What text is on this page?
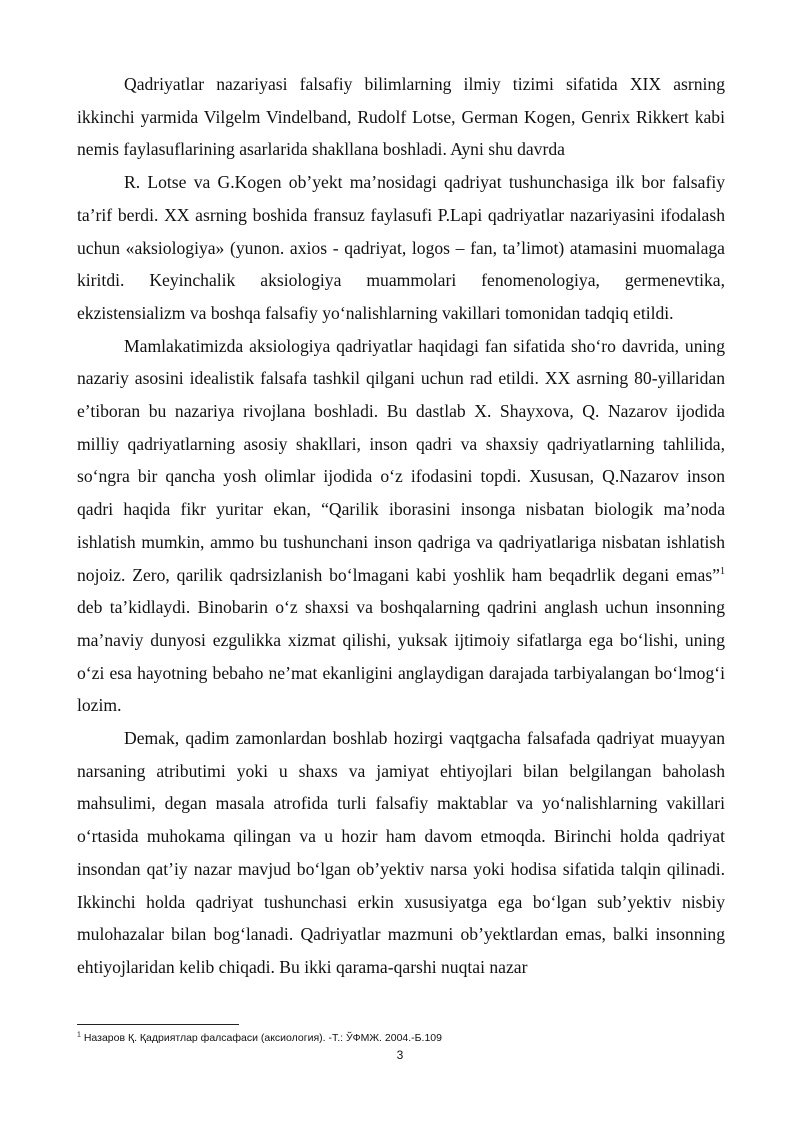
Qadriyatlar nazariyasi falsafiy bilimlarning ilmiy tizimi sifatida XIX asrning ikkinchi yarmida Vilgelm Vindelband, Rudolf Lotse, German Kogen, Genrix Rikkert kabi nemis faylasuflarining asarlarida shakllana boshladi. Ayni shu davrda

R. Lotse va G.Kogen ob’yekt ma’nosidagi qadriyat tushunchasiga ilk bor falsafiy ta’rif berdi. XX asrning boshida fransuz faylasufi P.Lapi qadriyatlar nazariyasini ifodalash uchun «aksiologiya» (yunon. axios - qadriyat, logos – fan, ta’limot) atamasini muomalaga kiritdi. Keyinchalik aksiologiya muammolari fenomenologiya, germenevtika, ekzistensializm va boshqa falsafiy yo‘nalishlarning vakillari tomonidan tadqiq etildi.

Mamlakatimizda aksiologiya qadriyatlar haqidagi fan sifatida sho‘ro davrida, uning nazariy asosini idealistik falsafa tashkil qilgani uchun rad etildi. XX asrning 80-yillaridan e’tiboran bu nazariya rivojlana boshladi. Bu dastlab X. Shayxova, Q. Nazarov ijodida milliy qadriyatlarning asosiy shakllari, inson qadri va shaxsiy qadriyatlarning tahlilida, so‘ngra bir qancha yosh olimlar ijodida o‘z ifodasini topdi. Xususan, Q.Nazarov inson qadri haqida fikr yuritar ekan, “Qarilik iborasini insonga nisbatan biologik ma’noda ishlatish mumkin, ammo bu tushunchani inson qadriga va qadriyatlariga nisbatan ishlatish nojoiz. Zero, qarilik qadrsizlanish bo‘lmagani kabi yoshlik ham beqadrlik degani emas”$^1$ deb ta’kidlaydi. Binobarin o‘z shaxsi va boshqalarning qadrini anglash uchun insonning ma’naviy dunyosi ezgulikka xizmat qilishi, yuksak ijtimoiy sifatlarga ega bo‘lishi, uning o‘zi esa hayotning bebaho ne’mat ekanligini anglaydigan darajada tarbiyalangan bo‘lmog‘i lozim.

Demak, qadim zamonlardan boshlab hozirgi vaqtgacha falsafada qadriyat muayyan narsaning atributimi yoki u shaxs va jamiyat ehtiyojlari bilan belgilangan baholash mahsulimi, degan masala atrofida turli falsafiy maktablar va yo‘nalishlarning vakillari o‘rtasida muhokama qilingan va u hozir ham davom etmoqda. Birinchi holda qadriyat insondan qat’iy nazar mavjud bo‘lgan ob’yektiv narsa yoki hodisa sifatida talqin qilinadi. Ikkinchi holda qadriyat tushunchasi erkin xususiyatga ega bo‘lgan sub’yektiv nisbiy mulohazalar bilan bog‘lanadi. Qadriyatlar mazmuni ob’yektlardan emas, balki insonning ehtiyojlaridan kelib chiqadi. Bu ikki qarama-qarshi nuqtai nazar

$^1$ Назаров Қ. Қадриятлар фалсафаси (аксиология). -Т.: ЎФМЖ. 2004.-Б.109
3
